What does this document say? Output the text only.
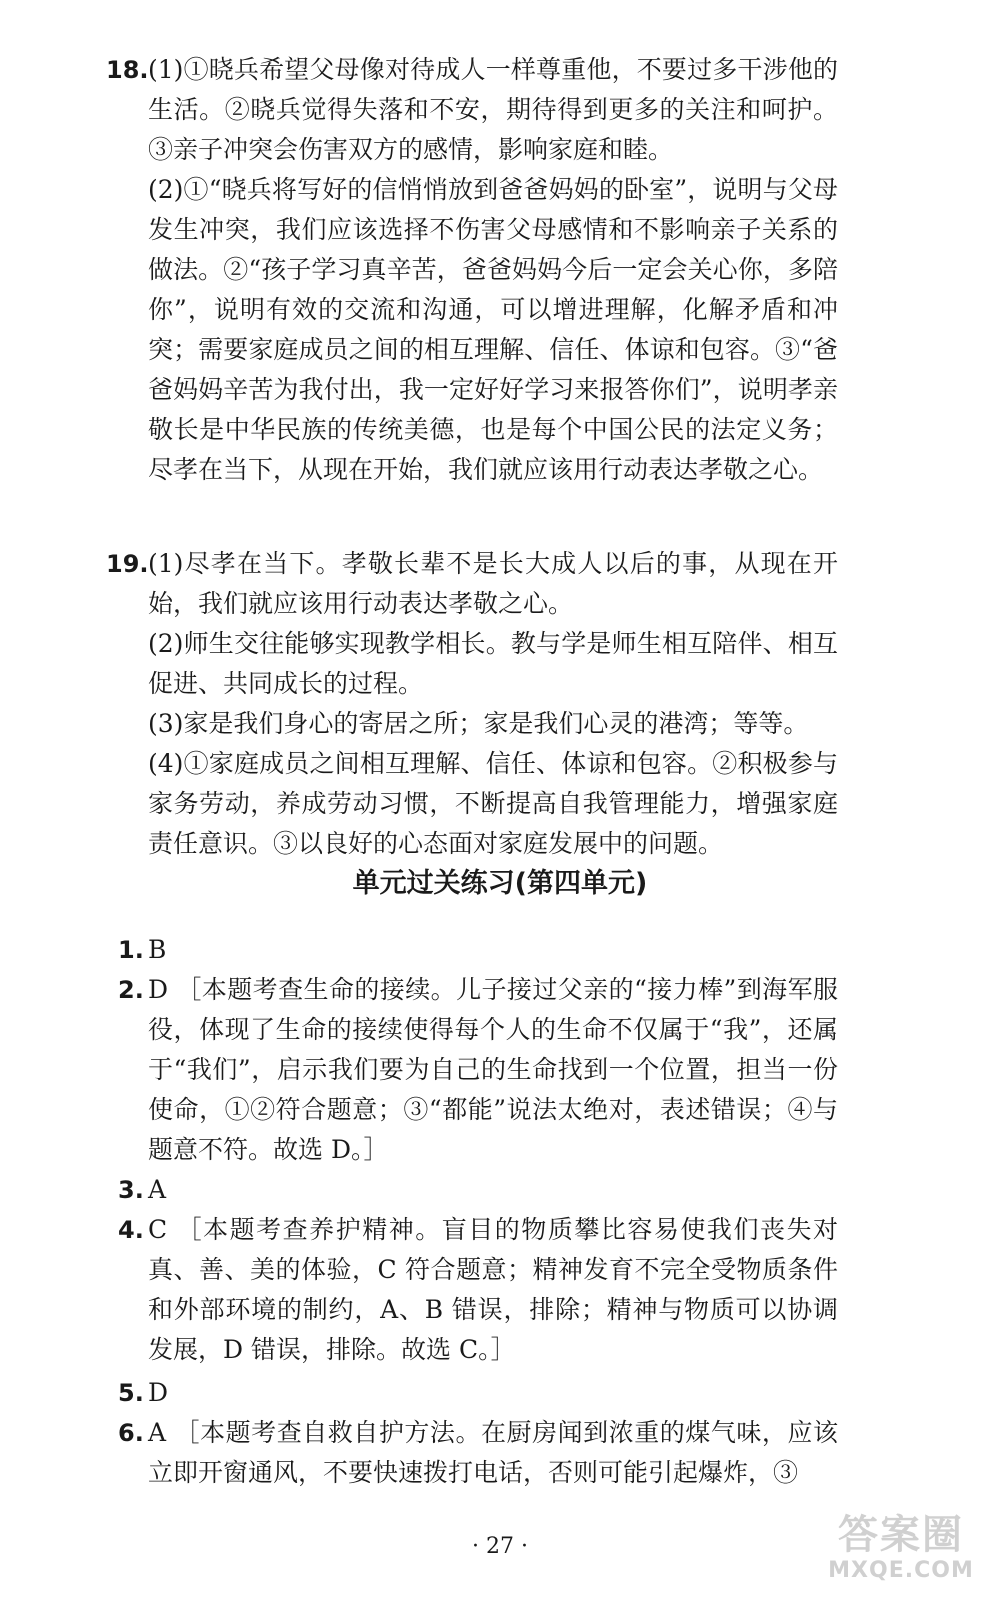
18. (1)①晓兵希望父母像对待成人一样尊重他，不要过多干涉他的生活。②晓兵觉得失落和不安，期待得到更多的关注和呵护。③亲子冲突会伤害双方的感情，影响家庭和睦。

(2)①“晓兵将写好的信悄悄放到爸爸妈妈的卧室”，说明与父母发生冲突，我们应该选择不伤害父母感情和不影响亲子关系的做法。②“孩子学习真辛苦，爸爸妈妈今后一定会关心你，多陪你”，说明有效的交流和沟通，可以增进理解，化解矛盾和冲突；需要家庭成员之间的相互理解、信任、体谅和包容。③“爸爸妈妈辛苦为我付出，我一定好好学习来报答你们”，说明孝亲敬长是中华民族的传统美德，也是每个中国公民的法定义务；尽孝在当下，从现在开始，我们就应该用行动表达孝敬之心。

19. (1)尽孝在当下。孝敬长辈不是长大成人以后的事，从现在开始，我们就应该用行动表达孝敬之心。

(2)师生交往能够实现教学相长。教与学是师生相互陪伴、相互促进、共同成长的过程。

(3)家是我们身心的寄居之所；家是我们心灵的港湾；等等。

(4)①家庭成员之间相互理解、信任、体谅和包容。②积极参与家务劳动，养成劳动习惯，不断提高自我管理能力，增强家庭责任意识。③以良好的心态面对家庭发展中的问题。

单元过关练习(第四单元)
1. B

2. D ［本题考查生命的接续。儿子接过父亲的“接力棒”到海军服役，体现了生命的接续使得每个人的生命不仅属于“我”，还属于“我们”，启示我们要为自己的生命找到一个位置，担当一份使命，①②符合题意；③“都能”说法太绝对，表述错误；④与题意不符。故选 D。］

3. A

4. C ［本题考查养护精神。盲目的物质攀比容易使我们丧失对真、善、美的体验，C 符合题意；精神发育不完全受物质条件和外部环境的制约，A、B 错误，排除；精神与物质可以协调发展，D 错误，排除。故选 C。］

5. D

6. A ［本题考查自救自护方法。在厨房闻到浓重的煤气味，应该立即开窗通风，不要快速拨打电话，否则可能引起爆炸，③

· 27 ·	答案圈
MXQE.COM
